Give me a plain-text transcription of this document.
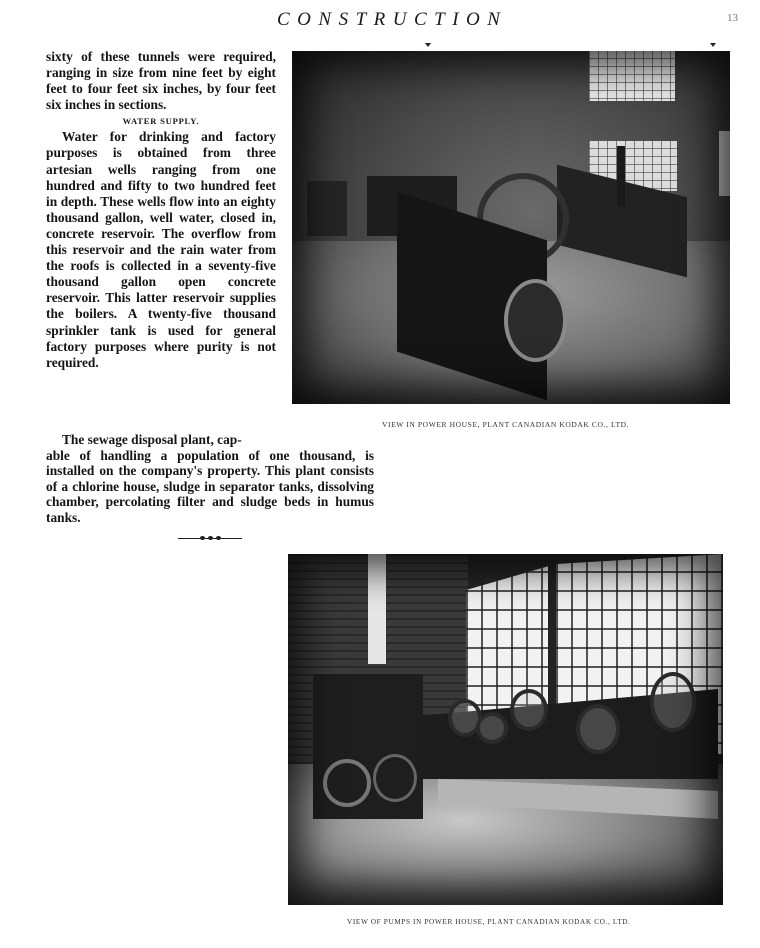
CONSTRUCTION	13

sixty of these tunnels were required, ranging in size from nine feet by eight feet to four feet six inches, by four feet six inches in sections.

WATER SUPPLY.

Water for drinking and factory purposes is obtained from three artesian wells ranging from one hundred and fifty to two hundred feet in depth. These wells flow into an eighty thousand gallon, well water, closed in, concrete reservoir. The overflow from this reservoir and the rain water from the roofs is collected in a seventy-five thousand gallon open concrete reservoir. This latter reservoir supplies the boilers. A twenty-five thousand sprinkler tank is used for general factory purposes where purity is not required.

The sewage disposal plant, cap-

able of handling a population of one thousand, is installed on the company's property. This plant consists of a chlorine house, sludge in separator tanks, dissolving chamber, percolating filter and sludge beds in humus tanks.

VIEW IN POWER HOUSE, PLANT CANADIAN KODAK CO., LTD.
VIEW OF PUMPS IN POWER HOUSE, PLANT CANADIAN KODAK CO., LTD.
